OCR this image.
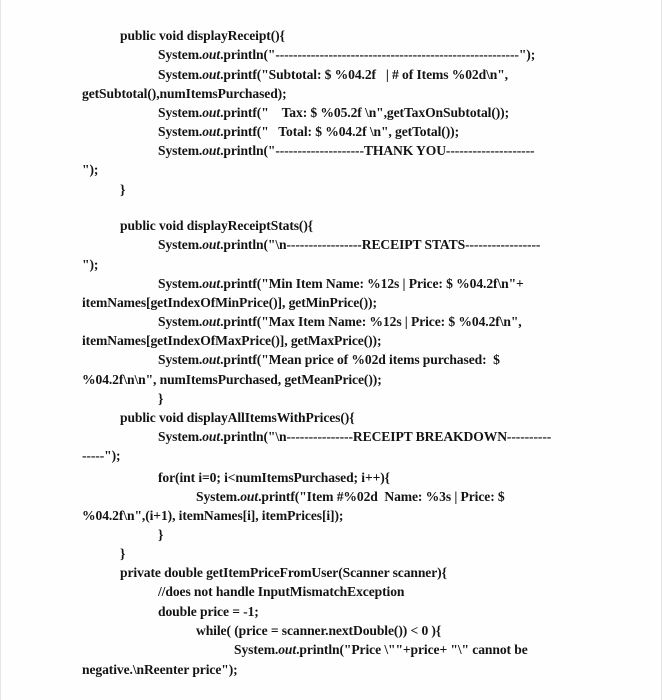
public void displayReceipt(){
System.out.println("-------------------------------------------------------");
System.out.printf("Subtotal: $ %04.2f   | # of Items %02d\n",
getSubtotal(),numItemsPurchased);
System.out.printf("    Tax: $ %05.2f \n",getTaxOnSubtotal());
System.out.printf("   Total: $ %04.2f \n", getTotal());
System.out.println("--------------------THANK YOU--------------------
");
}
public void displayReceiptStats(){
System.out.println("\n-----------------RECEIPT STATS-----------------
");
System.out.printf("Min Item Name: %12s | Price: $ %04.2f\n"+
itemNames[getIndexOfMinPrice()], getMinPrice());
System.out.printf("Max Item Name: %12s | Price: $ %04.2f\n",
itemNames[getIndexOfMaxPrice()], getMaxPrice());
System.out.printf("Mean price of %02d items purchased:  $
%04.2f\n\n", numItemsPurchased, getMeanPrice());
}
public void displayAllItemsWithPrices(){
System.out.println("\n---------------RECEIPT BREAKDOWN----------
-----");
for(int i=0; i<numItemsPurchased; i++){
System.out.printf("Item #%02d  Name: %3s | Price: $
%04.2f\n",(i+1), itemNames[i], itemPrices[i]);
}
}
private double getItemPriceFromUser(Scanner scanner){
//does not handle InputMismatchException
double price = -1;
while( (price = scanner.nextDouble()) < 0 ){
System.out.println("Price \""+price+ "\" cannot be
negative.\nReenter price");
